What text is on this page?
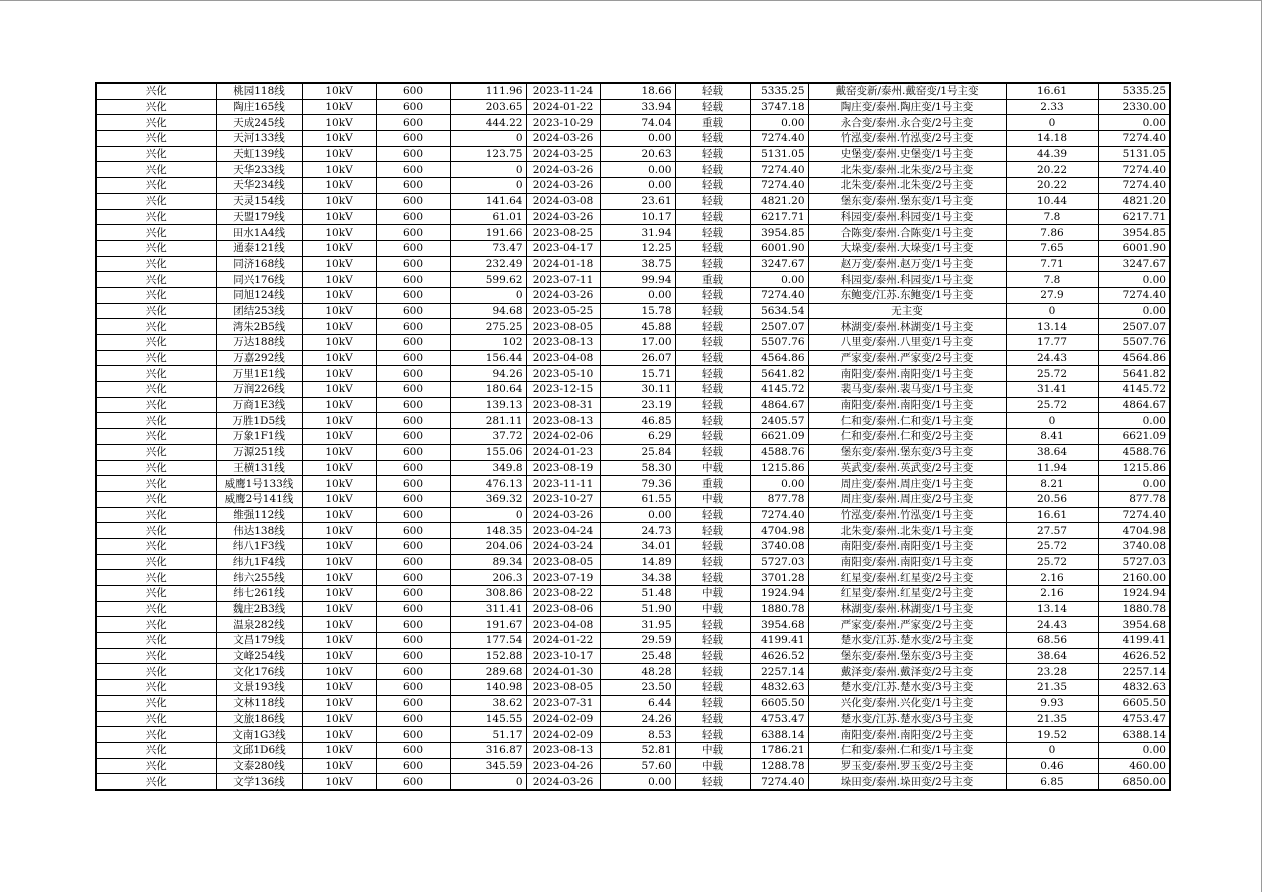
兴化	桃园118线	10kV	600	111.96	2023-11-24	18.66	轻载	5335.25	戴窑变新/泰州.戴窑变/1号主变	16.61	5335.25
兴化	陶庄165线	10kV	600	203.65	2024-01-22	33.94	轻载	3747.18	陶庄变/泰州.陶庄变/1号主变	2.33	2330.00
兴化	天成245线	10kV	600	444.22	2023-10-29	74.04	重载	0.00	永合变/泰州.永合变/2号主变	0	0.00
兴化	天河133线	10kV	600	0	2024-03-26	0.00	轻载	7274.40	竹泓变/泰州.竹泓变/2号主变	14.18	7274.40
兴化	天虹139线	10kV	600	123.75	2024-03-25	20.63	轻载	5131.05	史堡变/泰州.史堡变/1号主变	44.39	5131.05
兴化	天华233线	10kV	600	0	2024-03-26	0.00	轻载	7274.40	北朱变/泰州.北朱变/2号主变	20.22	7274.40
兴化	天华234线	10kV	600	0	2024-03-26	0.00	轻载	7274.40	北朱变/泰州.北朱变/2号主变	20.22	7274.40
兴化	天灵154线	10kV	600	141.64	2024-03-08	23.61	轻载	4821.20	堡东变/泰州.堡东变/1号主变	10.44	4821.20
兴化	天盟179线	10kV	600	61.01	2024-03-26	10.17	轻载	6217.71	科园变/泰州.科园变/1号主变	7.8	6217.71
兴化	田水1A4线	10kV	600	191.66	2023-08-25	31.94	轻载	3954.85	合陈变/泰州.合陈变/1号主变	7.86	3954.85
兴化	通泰121线	10kV	600	73.47	2023-04-17	12.25	轻载	6001.90	大垛变/泰州.大垛变/1号主变	7.65	6001.90
兴化	同济168线	10kV	600	232.49	2024-01-18	38.75	轻载	3247.67	赵万变/泰州.赵万变/1号主变	7.71	3247.67
兴化	同兴176线	10kV	600	599.62	2023-07-11	99.94	重载	0.00	科园变/泰州.科园变/1号主变	7.8	0.00
兴化	同旭124线	10kV	600	0	2024-03-26	0.00	轻载	7274.40	东鲍变/江苏.东鲍变/1号主变	27.9	7274.40
兴化	团结253线	10kV	600	94.68	2023-05-25	15.78	轻载	5634.54	无主变	0	0.00
兴化	湾朱2B5线	10kV	600	275.25	2023-08-05	45.88	轻载	2507.07	林湖变/泰州.林湖变/1号主变	13.14	2507.07
兴化	万达188线	10kV	600	102	2023-08-13	17.00	轻载	5507.76	八里变/泰州.八里变/1号主变	17.77	5507.76
兴化	万嘉292线	10kV	600	156.44	2023-04-08	26.07	轻载	4564.86	严家变/泰州.严家变/2号主变	24.43	4564.86
兴化	万里1E1线	10kV	600	94.26	2023-05-10	15.71	轻载	5641.82	南阳变/泰州.南阳变/1号主变	25.72	5641.82
兴化	万润226线	10kV	600	180.64	2023-12-15	30.11	轻载	4145.72	裴马变/泰州.裴马变/1号主变	31.41	4145.72
兴化	万商1E3线	10kV	600	139.13	2023-08-31	23.19	轻载	4864.67	南阳变/泰州.南阳变/1号主变	25.72	4864.67
兴化	万胜1D5线	10kV	600	281.11	2023-08-13	46.85	轻载	2405.57	仁和变/泰州.仁和变/1号主变	0	0.00
兴化	万象1F1线	10kV	600	37.72	2024-02-06	6.29	轻载	6621.09	仁和变/泰州.仁和变/2号主变	8.41	6621.09
兴化	万源251线	10kV	600	155.06	2024-01-23	25.84	轻载	4588.76	堡东变/泰州.堡东变/3号主变	38.64	4588.76
兴化	王横131线	10kV	600	349.8	2023-08-19	58.30	中载	1215.86	英武变/泰州.英武变/2号主变	11.94	1215.86
兴化	威鹰1号133线	10kV	600	476.13	2023-11-11	79.36	重载	0.00	周庄变/泰州.周庄变/1号主变	8.21	0.00
兴化	威鹰2号141线	10kV	600	369.32	2023-10-27	61.55	中载	877.78	周庄变/泰州.周庄变/2号主变	20.56	877.78
兴化	维强112线	10kV	600	0	2024-03-26	0.00	轻载	7274.40	竹泓变/泰州.竹泓变/1号主变	16.61	7274.40
兴化	伟达138线	10kV	600	148.35	2023-04-24	24.73	轻载	4704.98	北朱变/泰州.北朱变/1号主变	27.57	4704.98
兴化	纬八1F3线	10kV	600	204.06	2024-03-24	34.01	轻载	3740.08	南阳变/泰州.南阳变/1号主变	25.72	3740.08
兴化	纬九1F4线	10kV	600	89.34	2023-08-05	14.89	轻载	5727.03	南阳变/泰州.南阳变/1号主变	25.72	5727.03
兴化	纬六255线	10kV	600	206.3	2023-07-19	34.38	轻载	3701.28	红星变/泰州.红星变/2号主变	2.16	2160.00
兴化	纬七261线	10kV	600	308.86	2023-08-22	51.48	中载	1924.94	红星变/泰州.红星变/2号主变	2.16	1924.94
兴化	魏庄2B3线	10kV	600	311.41	2023-08-06	51.90	中载	1880.78	林湖变/泰州.林湖变/1号主变	13.14	1880.78
兴化	温泉282线	10kV	600	191.67	2023-04-08	31.95	轻载	3954.68	严家变/泰州.严家变/2号主变	24.43	3954.68
兴化	文昌179线	10kV	600	177.54	2024-01-22	29.59	轻载	4199.41	楚水变/江苏.楚水变/2号主变	68.56	4199.41
兴化	文峰254线	10kV	600	152.88	2023-10-17	25.48	轻载	4626.52	堡东变/泰州.堡东变/3号主变	38.64	4626.52
兴化	文化176线	10kV	600	289.68	2024-01-30	48.28	轻载	2257.14	戴泽变/泰州.戴泽变/2号主变	23.28	2257.14
兴化	文景193线	10kV	600	140.98	2023-08-05	23.50	轻载	4832.63	楚水变/江苏.楚水变/3号主变	21.35	4832.63
兴化	文林118线	10kV	600	38.62	2023-07-31	6.44	轻载	6605.50	兴化变/泰州.兴化变/1号主变	9.93	6605.50
兴化	文旅186线	10kV	600	145.55	2024-02-09	24.26	轻载	4753.47	楚水变/江苏.楚水变/3号主变	21.35	4753.47
兴化	文南1G3线	10kV	600	51.17	2024-02-09	8.53	轻载	6388.14	南阳变/泰州.南阳变/2号主变	19.52	6388.14
兴化	文邱1D6线	10kV	600	316.87	2023-08-13	52.81	中载	1786.21	仁和变/泰州.仁和变/1号主变	0	0.00
兴化	文泰280线	10kV	600	345.59	2023-04-26	57.60	中载	1288.78	罗玉变/泰州.罗玉变/2号主变	0.46	460.00
兴化	文学136线	10kV	600	0	2024-03-26	0.00	轻载	7274.40	垛田变/泰州.垛田变/2号主变	6.85	6850.00
